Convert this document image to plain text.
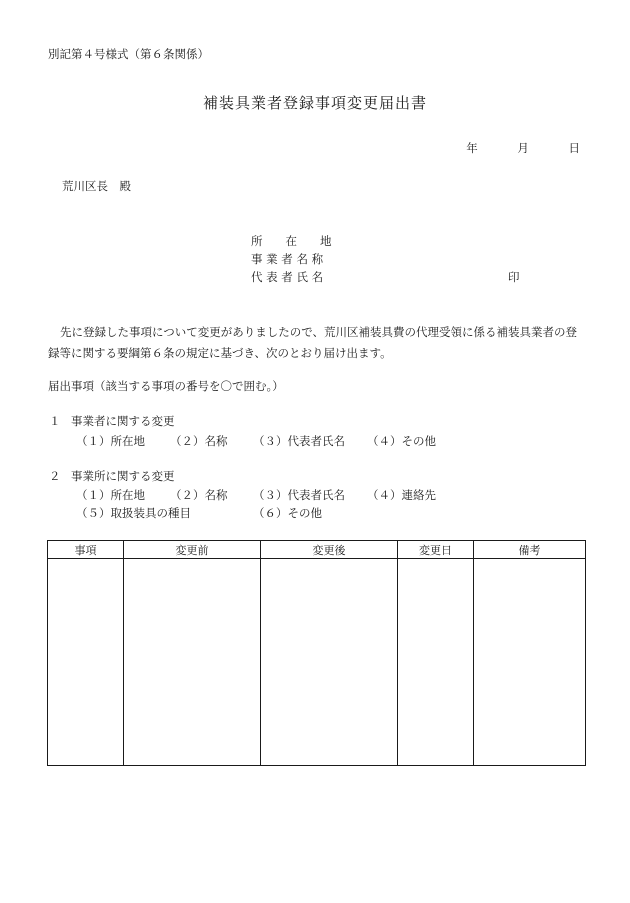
別記第４号様式（第６条関係）
補装具業者登録事項変更届出書
年	月	日
荒川区長　殿
所　　在　　地
事 業 者 名 称
代 表 者 氏 名	印
先に登録した事項について変更がありましたので、荒川区補装具費の代理受領に係る補装具業者の登録等に関する要綱第６条の規定に基づき、次のとおり届け出ます。
届出事項（該当する事項の番号を〇で囲む。）
１ 事業者に関する変更
（１）所在地 （２）名称 （３）代表者氏名 （４）その他
２ 事業所に関する変更
（１）所在地 （２）名称 （３）代表者氏名 （４）連絡先
（５）取扱装具の種目	（６）その他
事項	変更前	変更後	変更日	備考
